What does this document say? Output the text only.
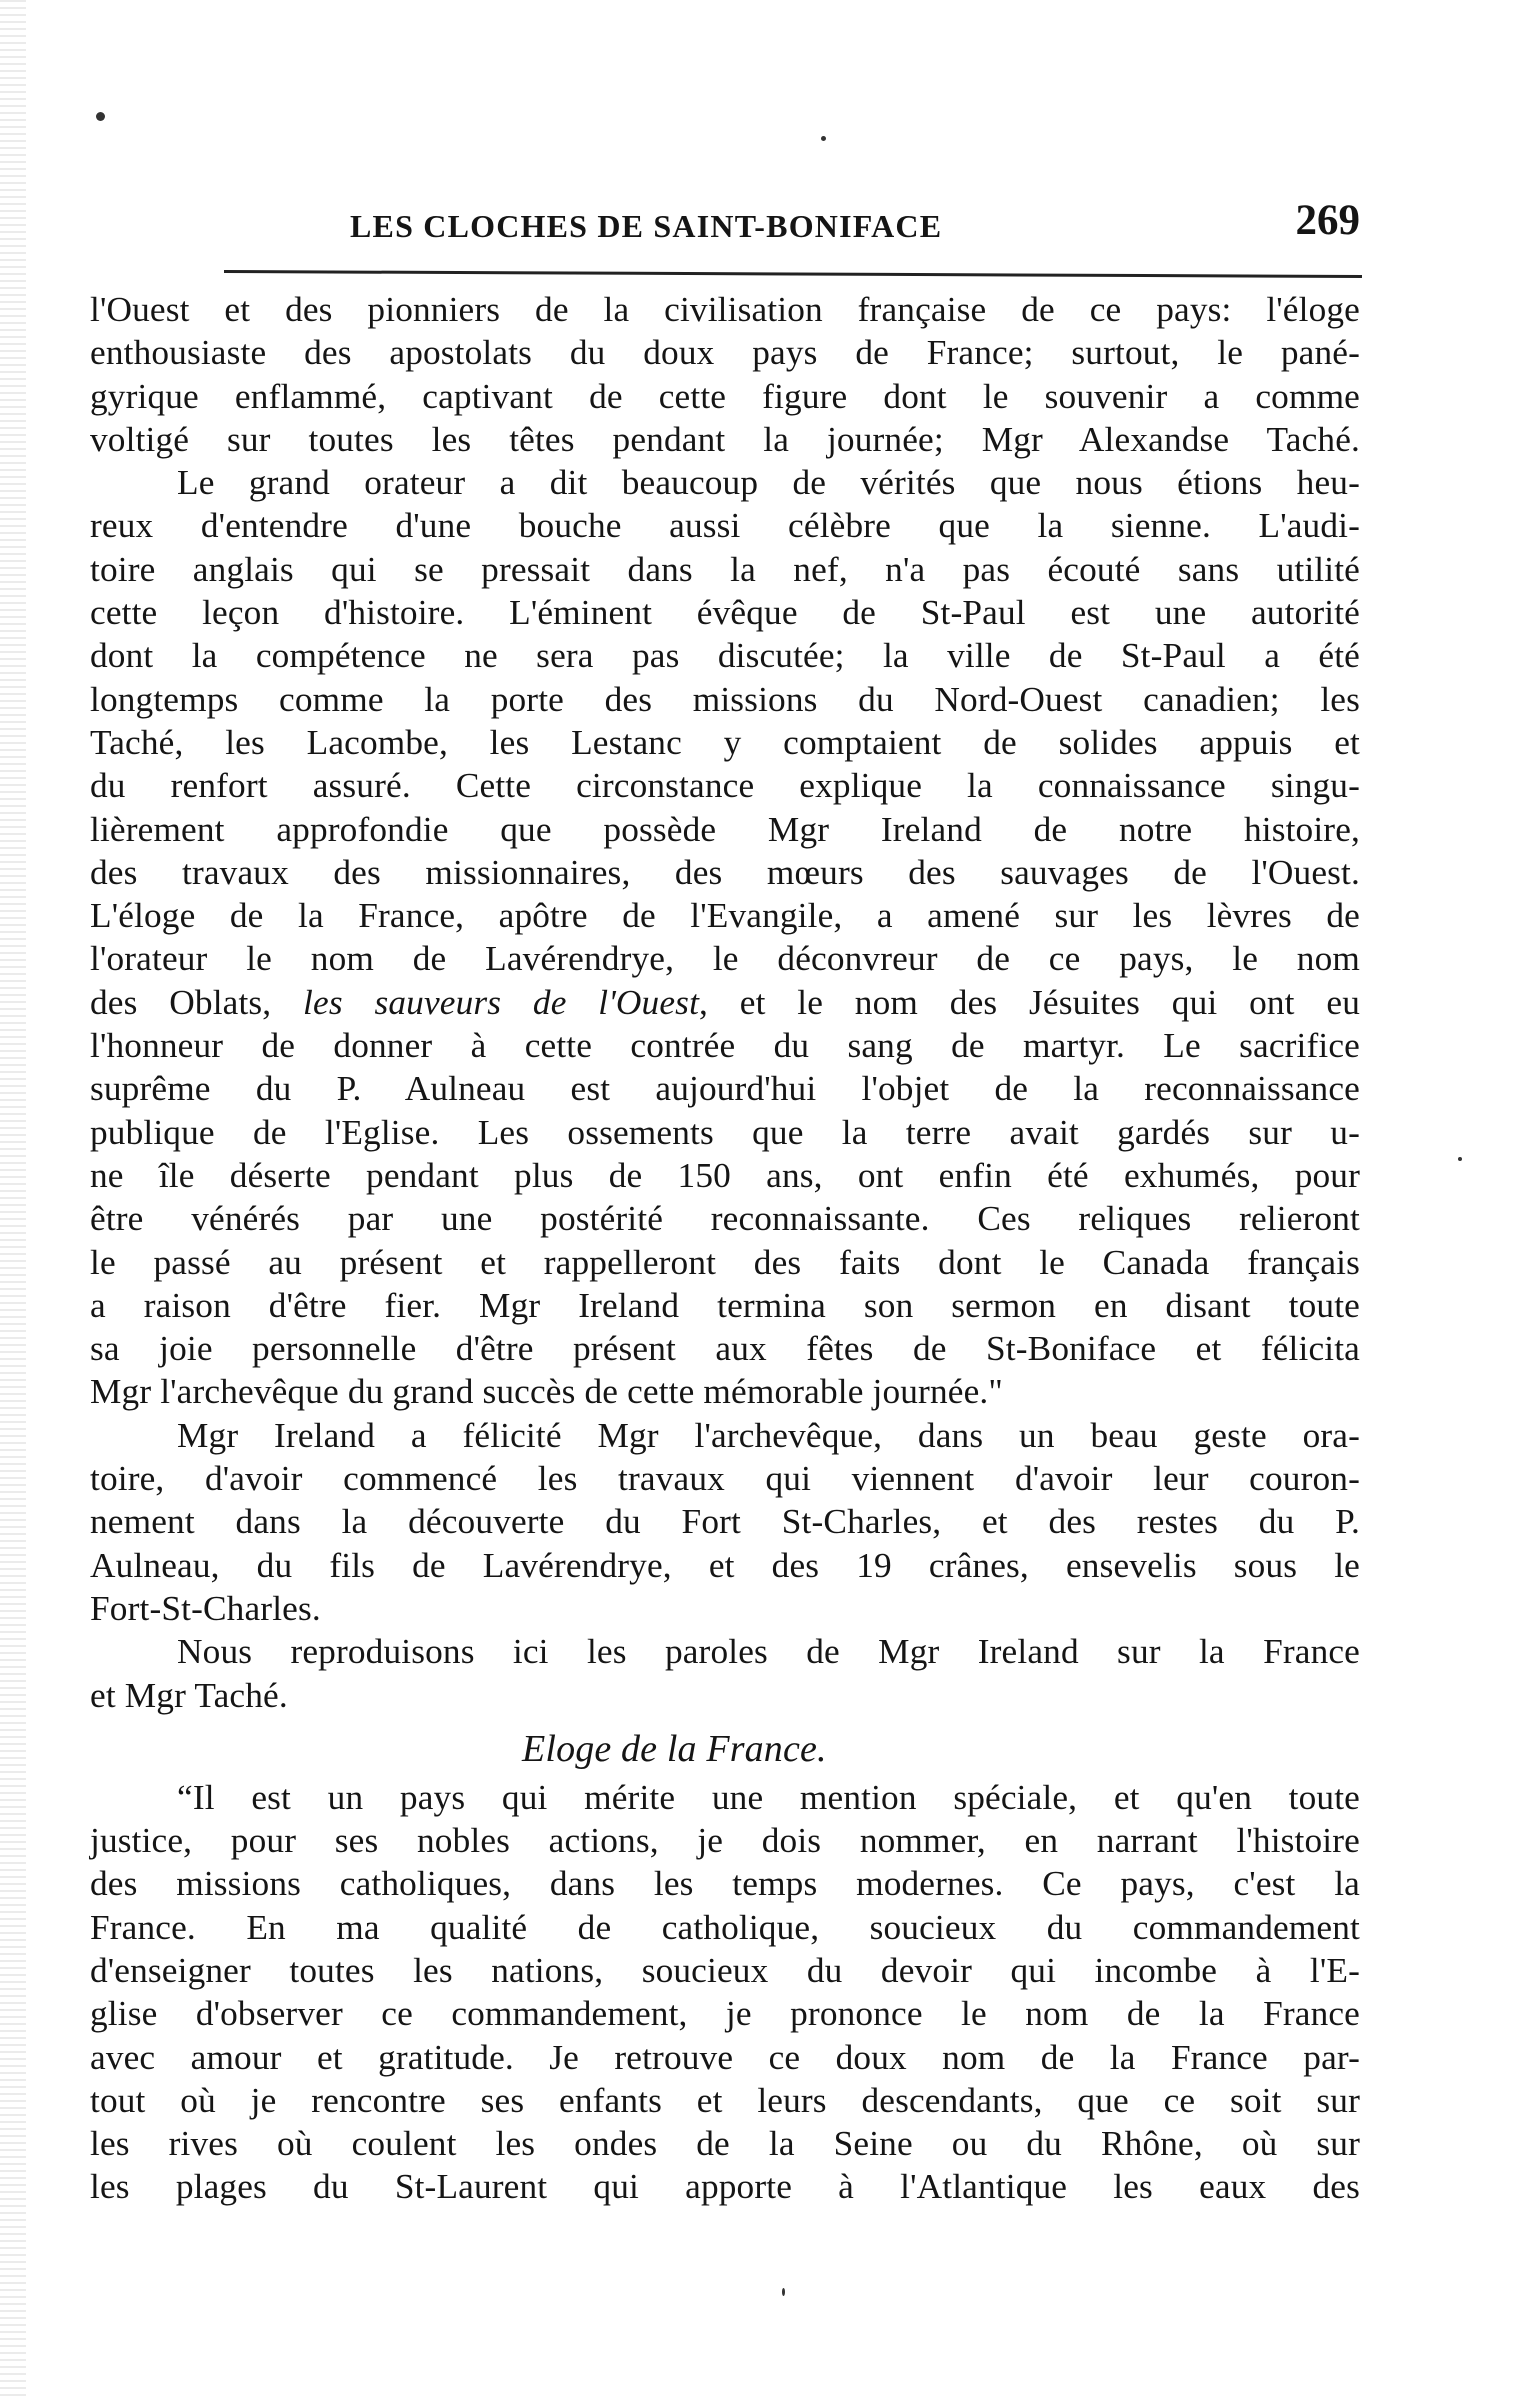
LES CLOCHES DE SAINT-BONIFACE	269
l'Ouest et des pionniers de la civilisation française de ce pays: l'éloge
enthousiaste des apostolats du doux pays de France; surtout, le pané-
gyrique enflammé, captivant de cette figure dont le souvenir a comme
voltigé sur toutes les têtes pendant la journée; Mgr Alexandse Taché.
Le grand orateur a dit beaucoup de vérités que nous étions heu-
reux d'entendre d'une bouche aussi célèbre que la sienne. L'audi-
toire anglais qui se pressait dans la nef, n'a pas écouté sans utilité
cette leçon d'histoire. L'éminent évêque de St-Paul est une autorité
dont la compétence ne sera pas discutée; la ville de St-Paul a été
longtemps comme la porte des missions du Nord-Ouest canadien; les
Taché, les Lacombe, les Lestanc y comptaient de solides appuis et
du renfort assuré. Cette circonstance explique la connaissance singu-
lièrement approfondie que possède Mgr Ireland de notre histoire,
des travaux des missionnaires, des mœurs des sauvages de l'Ouest.
L'éloge de la France, apôtre de l'Evangile, a amené sur les lèvres de
l'orateur le nom de Lavérendrye, le déconvreur de ce pays, le nom
des Oblats, les sauveurs de l'Ouest, et le nom des Jésuites qui ont eu
l'honneur de donner à cette contrée du sang de martyr. Le sacrifice
suprême du P. Aulneau est aujourd'hui l'objet de la reconnaissance
publique de l'Eglise. Les ossements que la terre avait gardés sur u-
ne île déserte pendant plus de 150 ans, ont enfin été exhumés, pour
être vénérés par une postérité reconnaissante. Ces reliques relieront
le passé au présent et rappelleront des faits dont le Canada français
a raison d'être fier. Mgr Ireland termina son sermon en disant toute
sa joie personnelle d'être présent aux fêtes de St-Boniface et félicita
Mgr l'archevêque du grand succès de cette mémorable journée."
Mgr Ireland a félicité Mgr l'archevêque, dans un beau geste ora-
toire, d'avoir commencé les travaux qui viennent d'avoir leur couron-
nement dans la découverte du Fort St-Charles, et des restes du P.
Aulneau, du fils de Lavérendrye, et des 19 crânes, ensevelis sous le
Fort-St-Charles.
Nous reproduisons ici les paroles de Mgr Ireland sur la France
et Mgr Taché.
Eloge de la France.
“Il est un pays qui mérite une mention spéciale, et qu'en toute
justice, pour ses nobles actions, je dois nommer, en narrant l'histoire
des missions catholiques, dans les temps modernes. Ce pays, c'est la
France. En ma qualité de catholique, soucieux du commandement
d'enseigner toutes les nations, soucieux du devoir qui incombe à l'E-
glise d'observer ce commandement, je prononce le nom de la France
avec amour et gratitude. Je retrouve ce doux nom de la France par-
tout où je rencontre ses enfants et leurs descendants, que ce soit sur
les rives où coulent les ondes de la Seine ou du Rhône, où sur
les plages du St-Laurent qui apporte à l'Atlantique les eaux des
